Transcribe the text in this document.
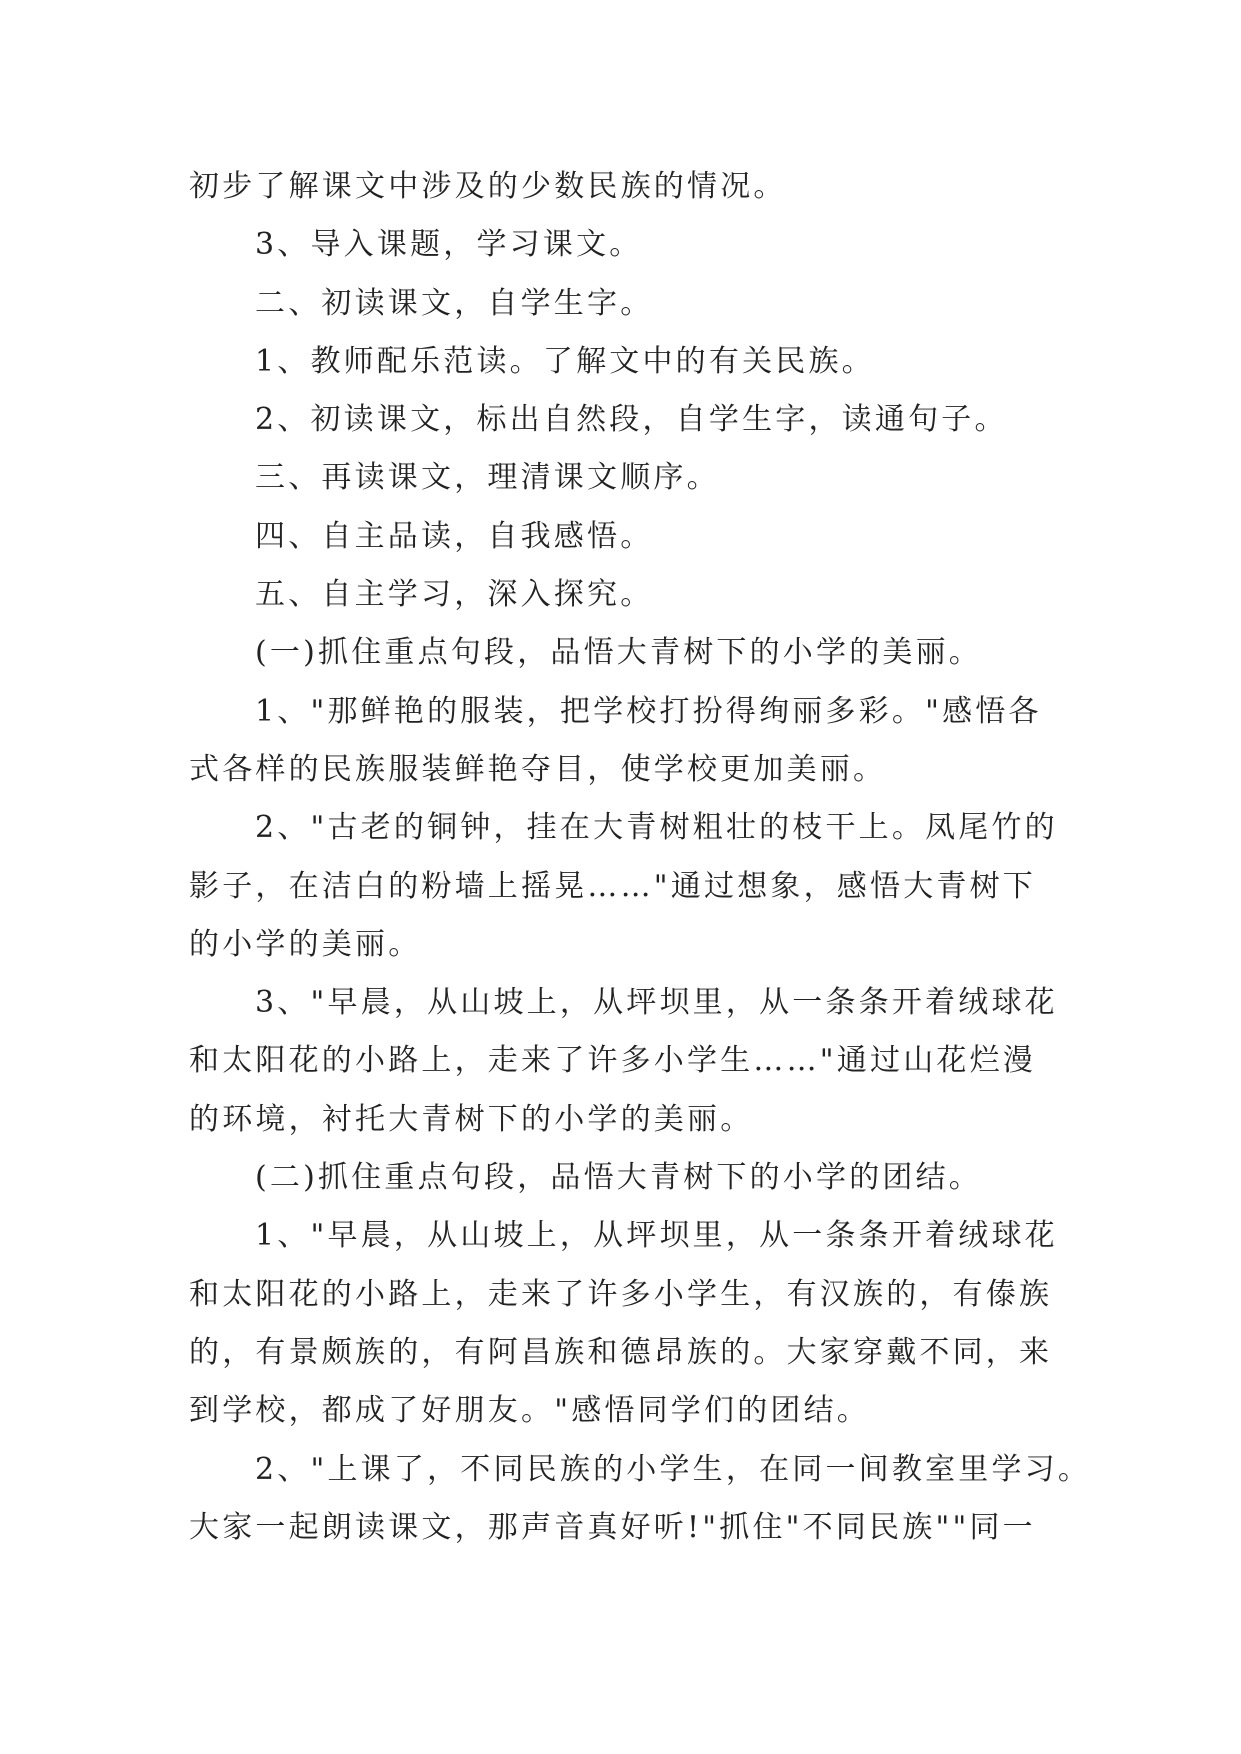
初步了解课文中涉及的少数民族的情况。
3、导入课题，学习课文。
二、初读课文，自学生字。
1、教师配乐范读。了解文中的有关民族。
2、初读课文，标出自然段，自学生字，读通句子。
三、再读课文，理清课文顺序。
四、自主品读，自我感悟。
五、自主学习，深入探究。
(一)抓住重点句段，品悟大青树下的小学的美丽。
1、"那鲜艳的服装，把学校打扮得绚丽多彩。"感悟各
式各样的民族服装鲜艳夺目，使学校更加美丽。
2、"古老的铜钟，挂在大青树粗壮的枝干上。凤尾竹的
影子，在洁白的粉墙上摇晃……"通过想象，感悟大青树下
的小学的美丽。
3、"早晨，从山坡上，从坪坝里，从一条条开着绒球花
和太阳花的小路上，走来了许多小学生……"通过山花烂漫
的环境，衬托大青树下的小学的美丽。
(二)抓住重点句段，品悟大青树下的小学的团结。
1、"早晨，从山坡上，从坪坝里，从一条条开着绒球花
和太阳花的小路上，走来了许多小学生，有汉族的，有傣族
的，有景颇族的，有阿昌族和德昂族的。大家穿戴不同，来
到学校，都成了好朋友。"感悟同学们的团结。
2、"上课了，不同民族的小学生，在同一间教室里学习。
大家一起朗读课文，那声音真好听!"抓住"不同民族""同一
